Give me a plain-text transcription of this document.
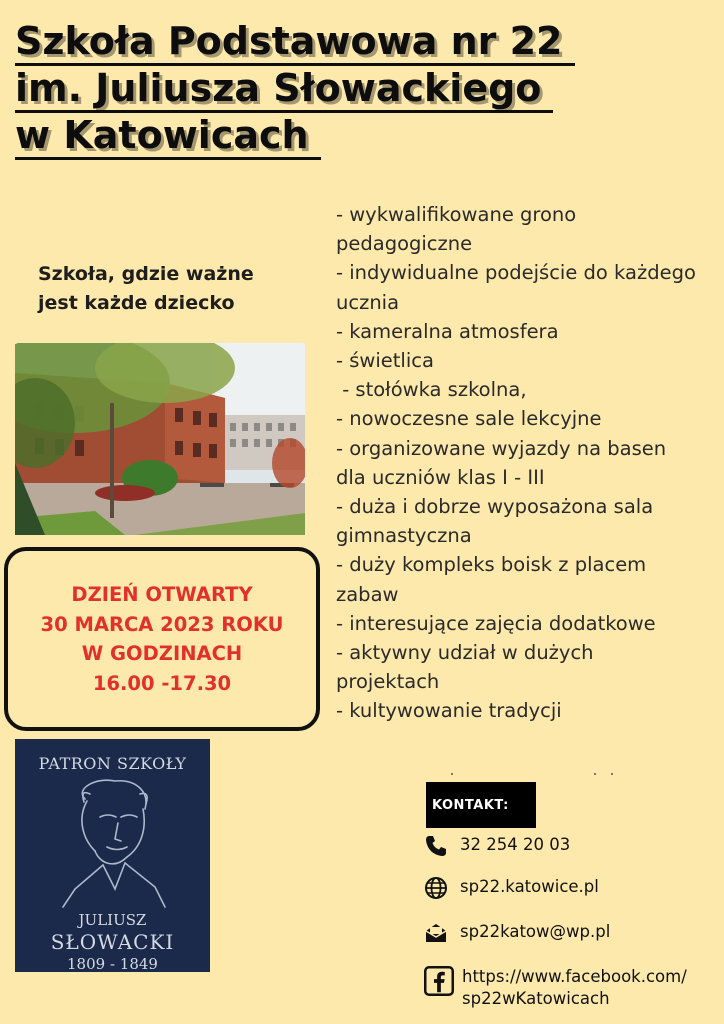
Szkoła Podstawowa nr 22
im. Juliusza Słowackiego
w Katowicach
Szkoła, gdzie ważne
jest każde dziecko
- wykwalifikowane grono
pedagogiczne
- indywidualne podejście do każdego
ucznia
- kameralna atmosfera
- świetlica
- stołówka szkolna,
- nowoczesne sale lekcyjne
- organizowane wyjazdy na basen
dla uczniów klas I - III
- duża i dobrze wyposażona sala
gimnastyczna
- duży kompleks boisk z placem
zabaw
- interesujące zajęcia dodatkowe
- aktywny udział w dużych
projektach
- kultywowanie tradycji
DZIEŃ OTWARTY
30 MARCA 2023 ROKU
W GODZINACH
16.00 -17.30
PATRON SZKOŁY
JULIUSZ
SŁOWACKI
1809 - 1849
KONTAKT:
32 254 20 03
sp22.katowice.pl
sp22katow@wp.pl
https://www.facebook.com/
sp22wKatowicach
